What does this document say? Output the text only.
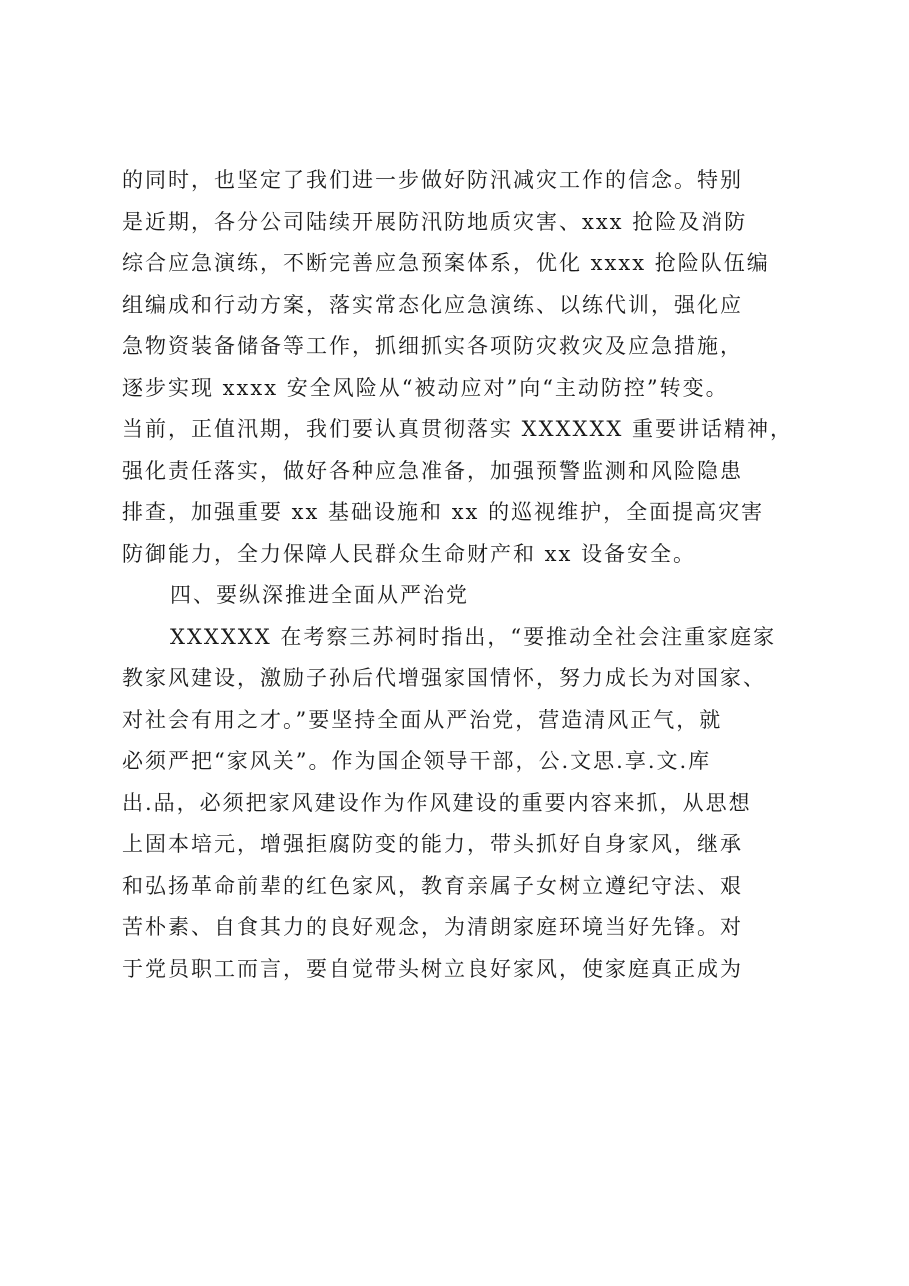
的同时，也坚定了我们进一步做好防汛减灾工作的信念。特别
是近期，各分公司陆续开展防汛防地质灾害、xxx 抢险及消防
综合应急演练，不断完善应急预案体系，优化 xxxx 抢险队伍编
组编成和行动方案，落实常态化应急演练、以练代训，强化应
急物资装备储备等工作，抓细抓实各项防灾救灾及应急措施，
逐步实现 xxxx 安全风险从“被动应对”向“主动防控”转变。
当前，正值汛期，我们要认真贯彻落实 XXXXXX 重要讲话精神，
强化责任落实，做好各种应急准备，加强预警监测和风险隐患
排查，加强重要 xx 基础设施和 xx 的巡视维护，全面提高灾害
防御能力，全力保障人民群众生命财产和 xx 设备安全。
四、要纵深推进全面从严治党
XXXXXX 在考察三苏祠时指出，“要推动全社会注重家庭家
教家风建设，激励子孙后代增强家国情怀，努力成长为对国家、
对社会有用之才。”要坚持全面从严治党，营造清风正气，就
必须严把“家风关”。作为国企领导干部，公.文思.享.文.库
出.品，必须把家风建设作为作风建设的重要内容来抓，从思想
上固本培元，增强拒腐防变的能力，带头抓好自身家风，继承
和弘扬革命前辈的红色家风，教育亲属子女树立遵纪守法、艰
苦朴素、自食其力的良好观念，为清朗家庭环境当好先锋。对
于党员职工而言，要自觉带头树立良好家风，使家庭真正成为
